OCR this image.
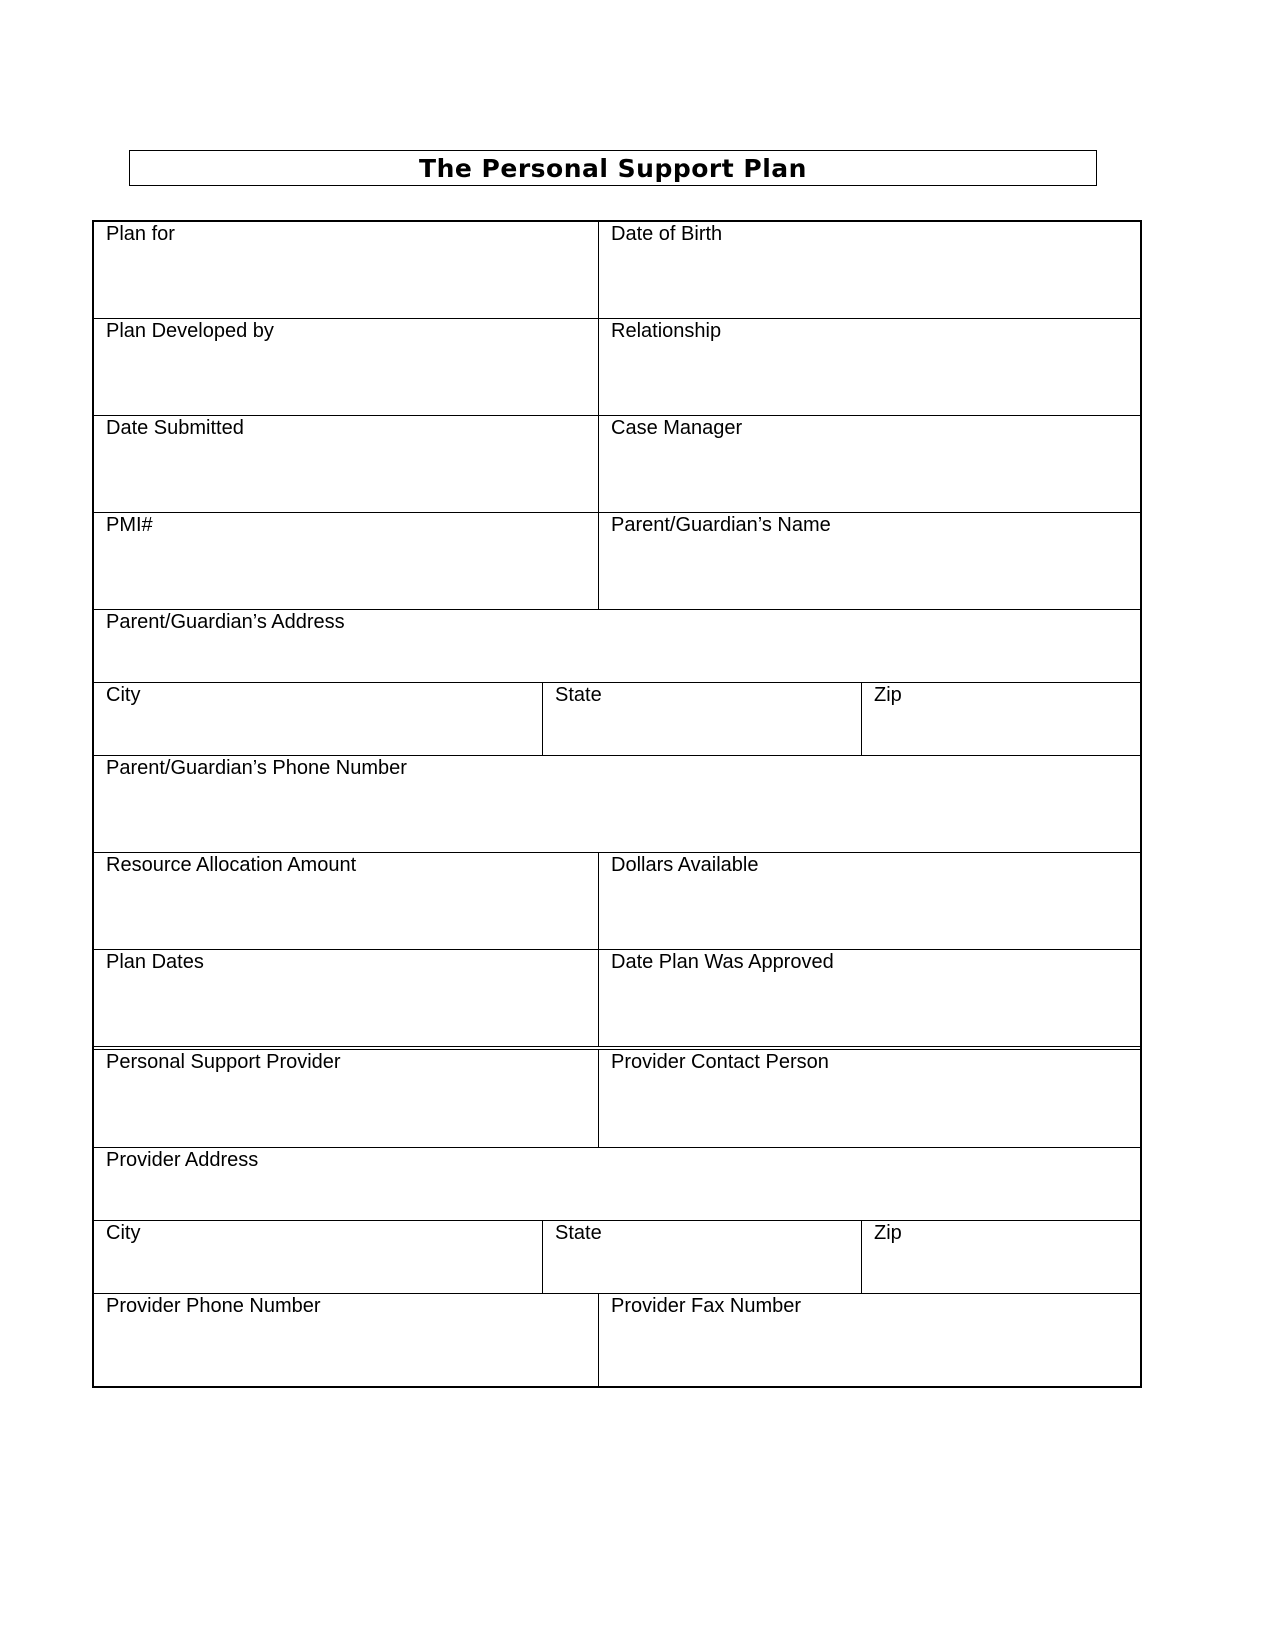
The Personal Support Plan
Plan for	Date of Birth
Plan Developed by	Relationship
Date Submitted	Case Manager
PMI#	Parent/Guardian’s Name
Parent/Guardian’s Address
City	State	Zip
Parent/Guardian’s Phone Number
Resource Allocation Amount	Dollars Available
Plan Dates	Date Plan Was Approved
Personal Support Provider	Provider Contact Person
Provider Address
City	State	Zip
Provider Phone Number	Provider Fax Number
